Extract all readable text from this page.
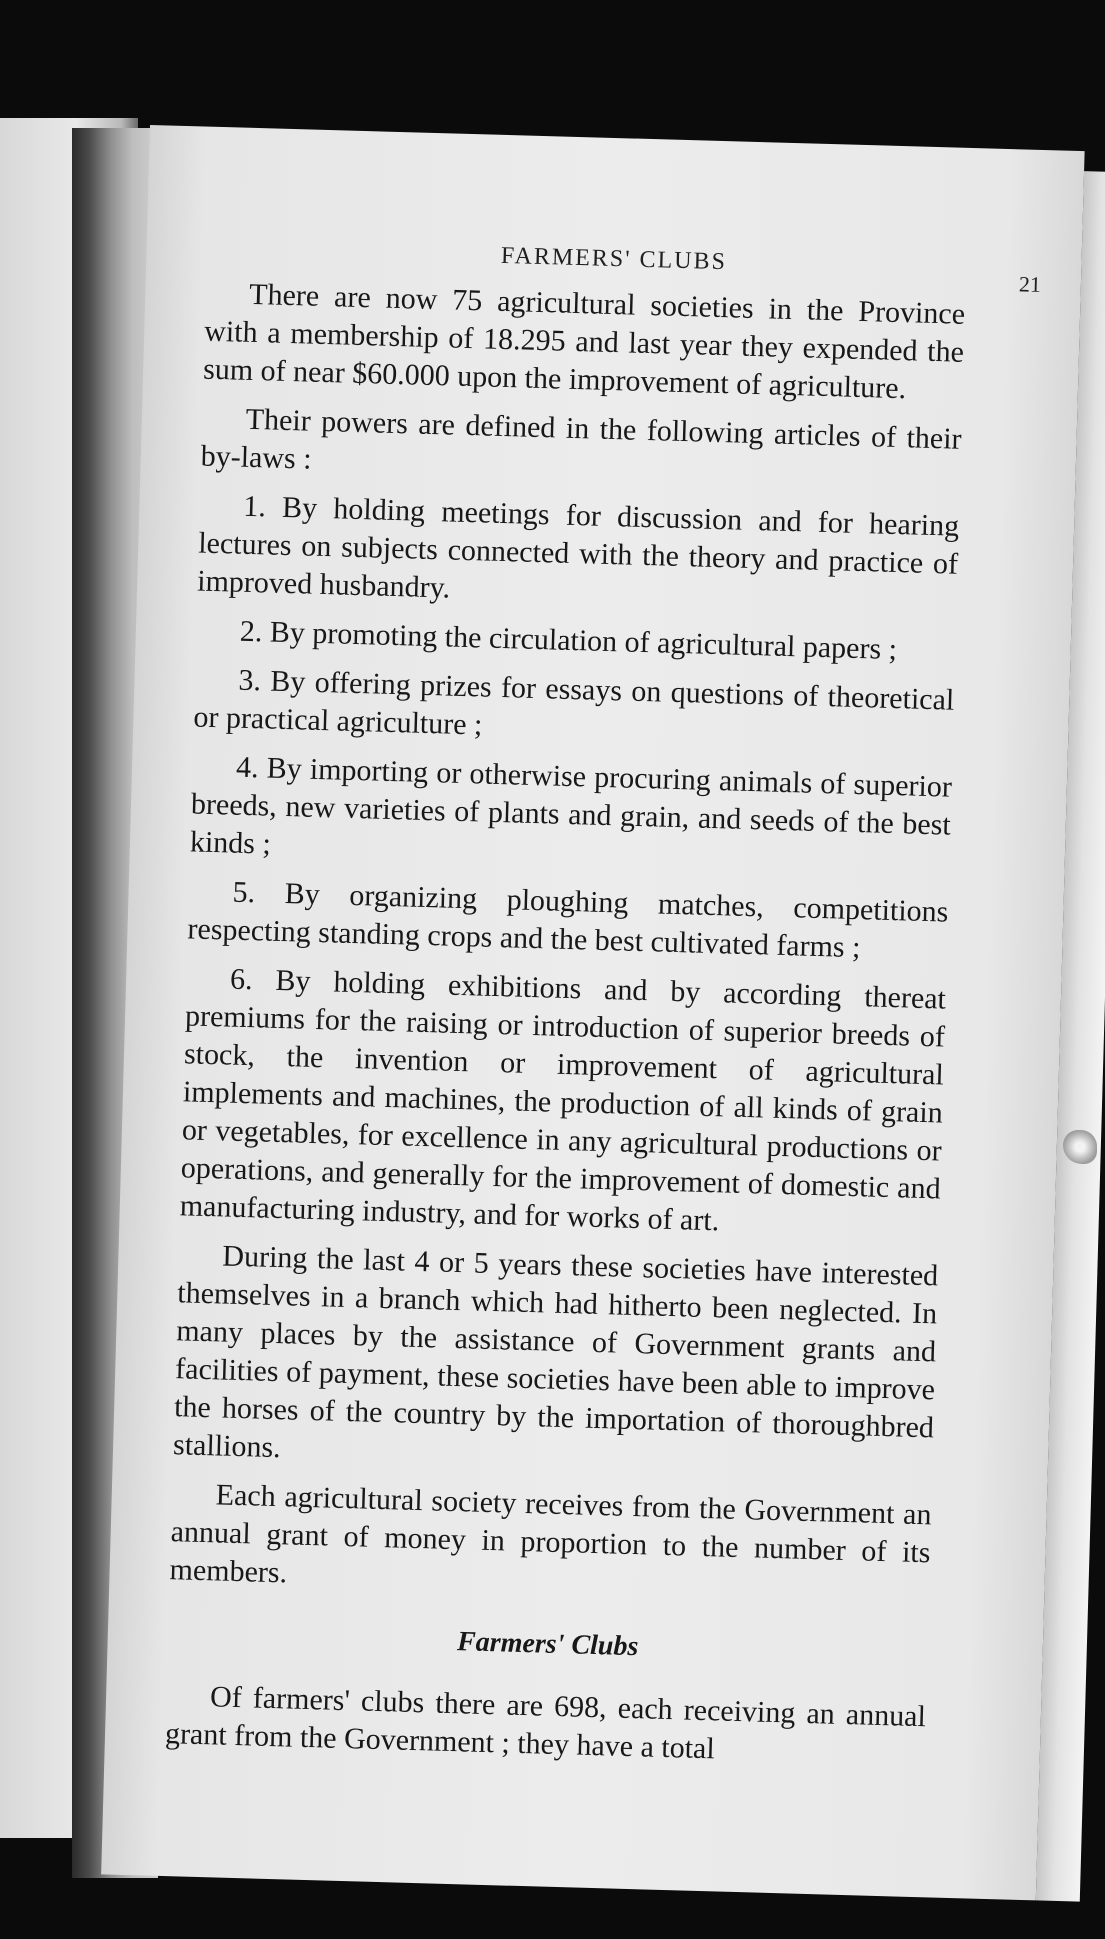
FARMERS' CLUBS
21

There are now 75 agricultural societies in the Province with a membership of 18.295 and last year they expended the sum of near $60.000 upon the improvement of agriculture.

Their powers are defined in the following articles of their by-laws :

1. By holding meetings for discussion and for hearing lectures on subjects connected with the theory and practice of improved husbandry.

2. By promoting the circulation of agricultural papers ;

3. By offering prizes for essays on questions of theoretical or practical agriculture ;

4. By importing or otherwise procuring animals of superior breeds, new varieties of plants and grain, and seeds of the best kinds ;

5. By organizing ploughing matches, competitions respecting standing crops and the best cultivated farms ;

6. By holding exhibitions and by according thereat premiums for the raising or introduction of superior breeds of stock, the invention or improvement of agricultural implements and machines, the production of all kinds of grain or vegetables, for excellence in any agricultural productions or operations, and generally for the improvement of domestic and manufacturing industry, and for works of art.

During the last 4 or 5 years these societies have interested themselves in a branch which had hitherto been neglected. In many places by the assistance of Government grants and facilities of payment, these societies have been able to improve the horses of the country by the importation of thoroughbred stallions.

Each agricultural society receives from the Government an annual grant of money in proportion to the number of its members.

Farmers' Clubs

Of farmers' clubs there are 698, each receiving an annual grant from the Government ; they have a total
